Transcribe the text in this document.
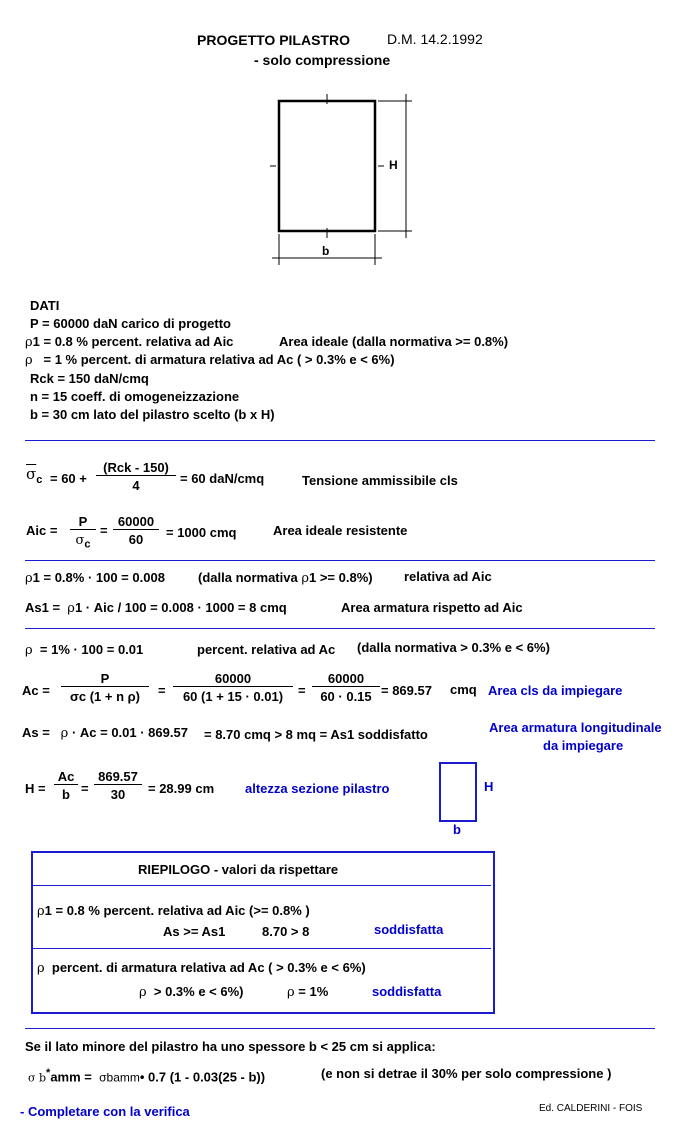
PROGETTO PILASTRO	D.M. 14.2.1992
- solo compressione
H
b
DATI
P = 60000 daN carico di progetto
ρ1 = 0.8 % percent. relativa ad Aic	Area ideale (dalla normativa >= 0.8%)
ρ = 1 % percent. di armatura relativa ad Ac ( > 0.3% e < 6%)
Rck = 150 daN/cmq
n = 15 coeff. di omogeneizzazione
b = 30 cm lato del pilastro scelto (b x H)
$\overline{\sigma}_c = 60$ +
(Rck - 150)
4	= 60 daN/cmq	Tensione ammissibile cls
Aic = $\frac{P}{\sigma_c} = \frac{60000}{60} = 1000$ cmq	Area ideale resistente
ρ1 = 0.8% · 100 = 0.008	(dalla normativa ρ1 >= 0.8%) relativa ad Aic
As1 = ρ1 · Aic / 100 = 0.008 · 1000 = 8 cmq	Area armatura rispetto ad Aic
ρ = 1% · 100 = 0.01	percent. relativa ad Ac (dalla normativa > 0.3% e < 6%)
$Ac = \frac{P}{\text{σc (1 + n ρ)}} = \frac{60000}{60 (1 + 15 \cdot 0.01)} = \frac{60000}{60 \cdot 0.15} = 869.57$ cmq Area cls da impiegare
As = ρ · Ac = 0.01 · 869.57 = 8.70 cmq > 8 mq = As1 soddisfatto	Area armatura longitudinale
da impiegare
$H = \frac{Ac}{b} = \frac{869.57}{30} = 28.99$ cm altezza sezione pilastro	H
b
RIEPILOGO - valori da rispettare
ρ1 = 0.8 % percent. relativa ad Aic (>= 0.8% )
As >= As1	8.70 > 8	soddisfatta
ρ percent. di armatura relativa ad Ac ( > 0.3% e < 6%)
ρ > 0.3% e < 6%)	ρ = 1%	soddisfatta
Se il lato minore del pilastro ha uno spessore b < 25 cm si applica:
σ b*amm = σbamm• 0.7 (1 - 0.03(25 - b))	(e non si detrae il 30% per solo compressione )
- Completare con la verifica	Ed. CALDERINI - FOIS
